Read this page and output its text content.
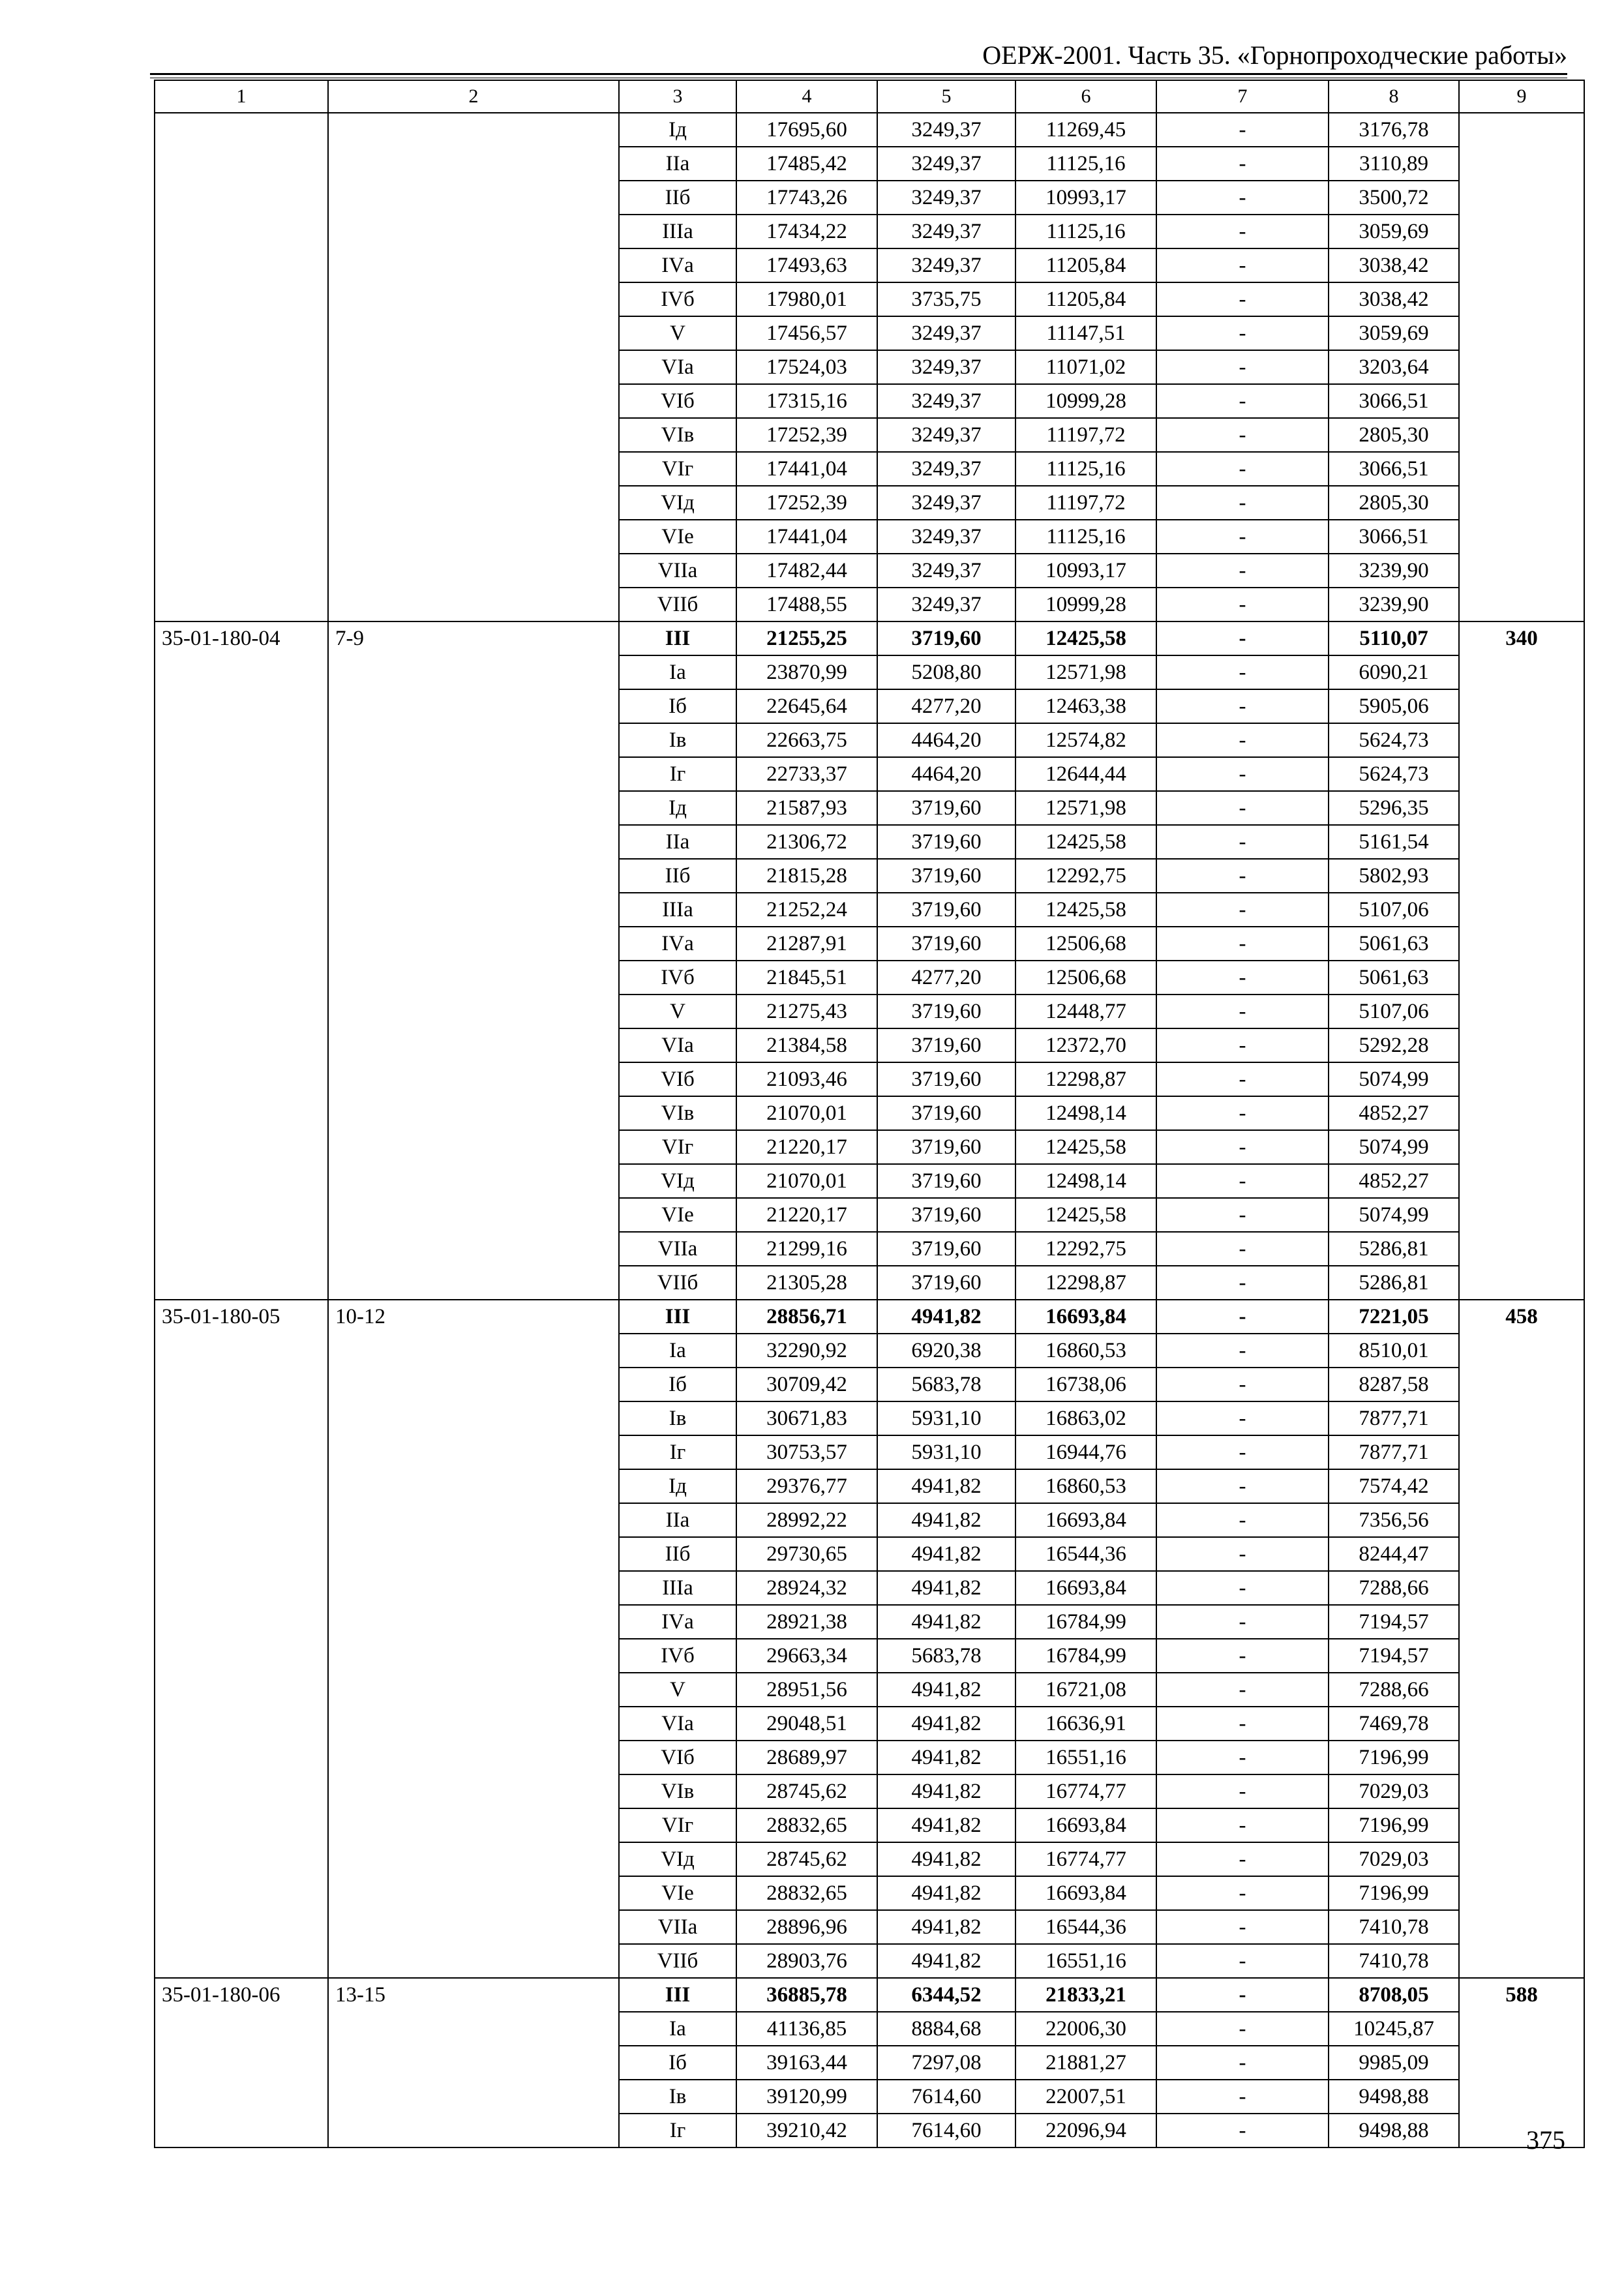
ОЕРЖ-2001. Часть 35. «Горнопроходческие работы»
1	2	3	4	5	6	7	8	9
		Iд	17695,60	3249,37	11269,45	-	3176,78	
		IIа	17485,42	3249,37	11125,16	-	3110,89	
		IIб	17743,26	3249,37	10993,17	-	3500,72	
		IIIа	17434,22	3249,37	11125,16	-	3059,69	
		IVа	17493,63	3249,37	11205,84	-	3038,42	
		IVб	17980,01	3735,75	11205,84	-	3038,42	
		V	17456,57	3249,37	11147,51	-	3059,69	
		VIа	17524,03	3249,37	11071,02	-	3203,64	
		VIб	17315,16	3249,37	10999,28	-	3066,51	
		VIв	17252,39	3249,37	11197,72	-	2805,30	
		VIг	17441,04	3249,37	11125,16	-	3066,51	
		VIд	17252,39	3249,37	11197,72	-	2805,30	
		VIе	17441,04	3249,37	11125,16	-	3066,51	
		VIIа	17482,44	3249,37	10993,17	-	3239,90	
		VIIб	17488,55	3249,37	10999,28	-	3239,90	
35-01-180-04	7-9	III	21255,25	3719,60	12425,58	-	5110,07	340
		Iа	23870,99	5208,80	12571,98	-	6090,21	
		Iб	22645,64	4277,20	12463,38	-	5905,06	
		Iв	22663,75	4464,20	12574,82	-	5624,73	
		Iг	22733,37	4464,20	12644,44	-	5624,73	
		Iд	21587,93	3719,60	12571,98	-	5296,35	
		IIа	21306,72	3719,60	12425,58	-	5161,54	
		IIб	21815,28	3719,60	12292,75	-	5802,93	
		IIIа	21252,24	3719,60	12425,58	-	5107,06	
		IVа	21287,91	3719,60	12506,68	-	5061,63	
		IVб	21845,51	4277,20	12506,68	-	5061,63	
		V	21275,43	3719,60	12448,77	-	5107,06	
		VIа	21384,58	3719,60	12372,70	-	5292,28	
		VIб	21093,46	3719,60	12298,87	-	5074,99	
		VIв	21070,01	3719,60	12498,14	-	4852,27	
		VIг	21220,17	3719,60	12425,58	-	5074,99	
		VIд	21070,01	3719,60	12498,14	-	4852,27	
		VIе	21220,17	3719,60	12425,58	-	5074,99	
		VIIа	21299,16	3719,60	12292,75	-	5286,81	
		VIIб	21305,28	3719,60	12298,87	-	5286,81	
35-01-180-05	10-12	III	28856,71	4941,82	16693,84	-	7221,05	458
		Iа	32290,92	6920,38	16860,53	-	8510,01	
		Iб	30709,42	5683,78	16738,06	-	8287,58	
		Iв	30671,83	5931,10	16863,02	-	7877,71	
		Iг	30753,57	5931,10	16944,76	-	7877,71	
		Iд	29376,77	4941,82	16860,53	-	7574,42	
		IIа	28992,22	4941,82	16693,84	-	7356,56	
		IIб	29730,65	4941,82	16544,36	-	8244,47	
		IIIа	28924,32	4941,82	16693,84	-	7288,66	
		IVа	28921,38	4941,82	16784,99	-	7194,57	
		IVб	29663,34	5683,78	16784,99	-	7194,57	
		V	28951,56	4941,82	16721,08	-	7288,66	
		VIа	29048,51	4941,82	16636,91	-	7469,78	
		VIб	28689,97	4941,82	16551,16	-	7196,99	
		VIв	28745,62	4941,82	16774,77	-	7029,03	
		VIг	28832,65	4941,82	16693,84	-	7196,99	
		VIд	28745,62	4941,82	16774,77	-	7029,03	
		VIе	28832,65	4941,82	16693,84	-	7196,99	
		VIIа	28896,96	4941,82	16544,36	-	7410,78	
		VIIб	28903,76	4941,82	16551,16	-	7410,78	
35-01-180-06	13-15	III	36885,78	6344,52	21833,21	-	8708,05	588
		Iа	41136,85	8884,68	22006,30	-	10245,87	
		Iб	39163,44	7297,08	21881,27	-	9985,09	
		Iв	39120,99	7614,60	22007,51	-	9498,88	
		Iг	39210,42	7614,60	22096,94	-	9498,88		375
